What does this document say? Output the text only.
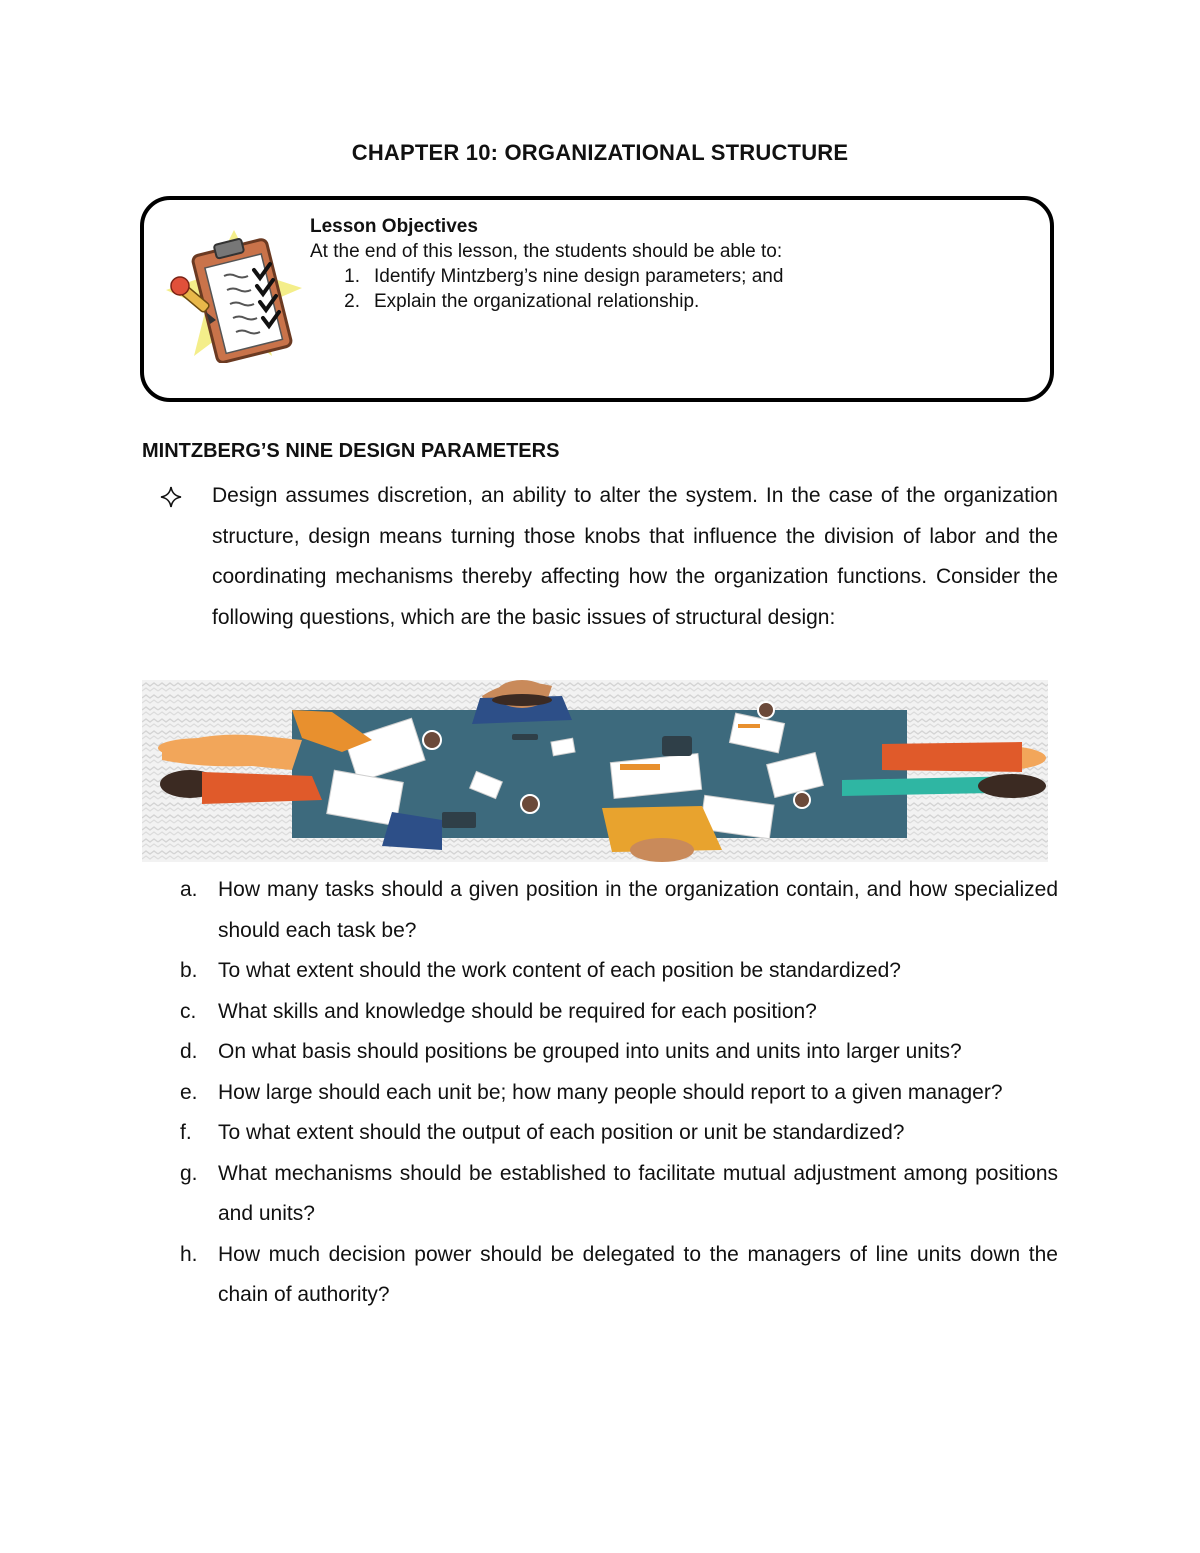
CHAPTER 10: ORGANIZATIONAL STRUCTURE
Lesson Objectives
At the end of this lesson, the students should be able to:
1. Identify Mintzberg’s nine design parameters; and
2. Explain the organizational relationship.
MINTZBERG’S NINE DESIGN PARAMETERS
Design assumes discretion, an ability to alter the system. In the case of the organization structure, design means turning those knobs that influence the division of labor and the coordinating mechanisms thereby affecting how the organization functions. Consider the following questions, which are the basic issues of structural design:
a. How many tasks should a given position in the organization contain, and how specialized should each task be?
b. To what extent should the work content of each position be standardized?
c.	What skills and knowledge should be required for each position?
d. On what basis should positions be grouped into units and units into larger units?
e. How large should each unit be; how many people should report to a given manager?
f.	To what extent should the output of each position or unit be standardized?
g. What mechanisms should be established to facilitate mutual adjustment among positions and units?
h. How much decision power should be delegated to the managers of line units down the chain of authority?
